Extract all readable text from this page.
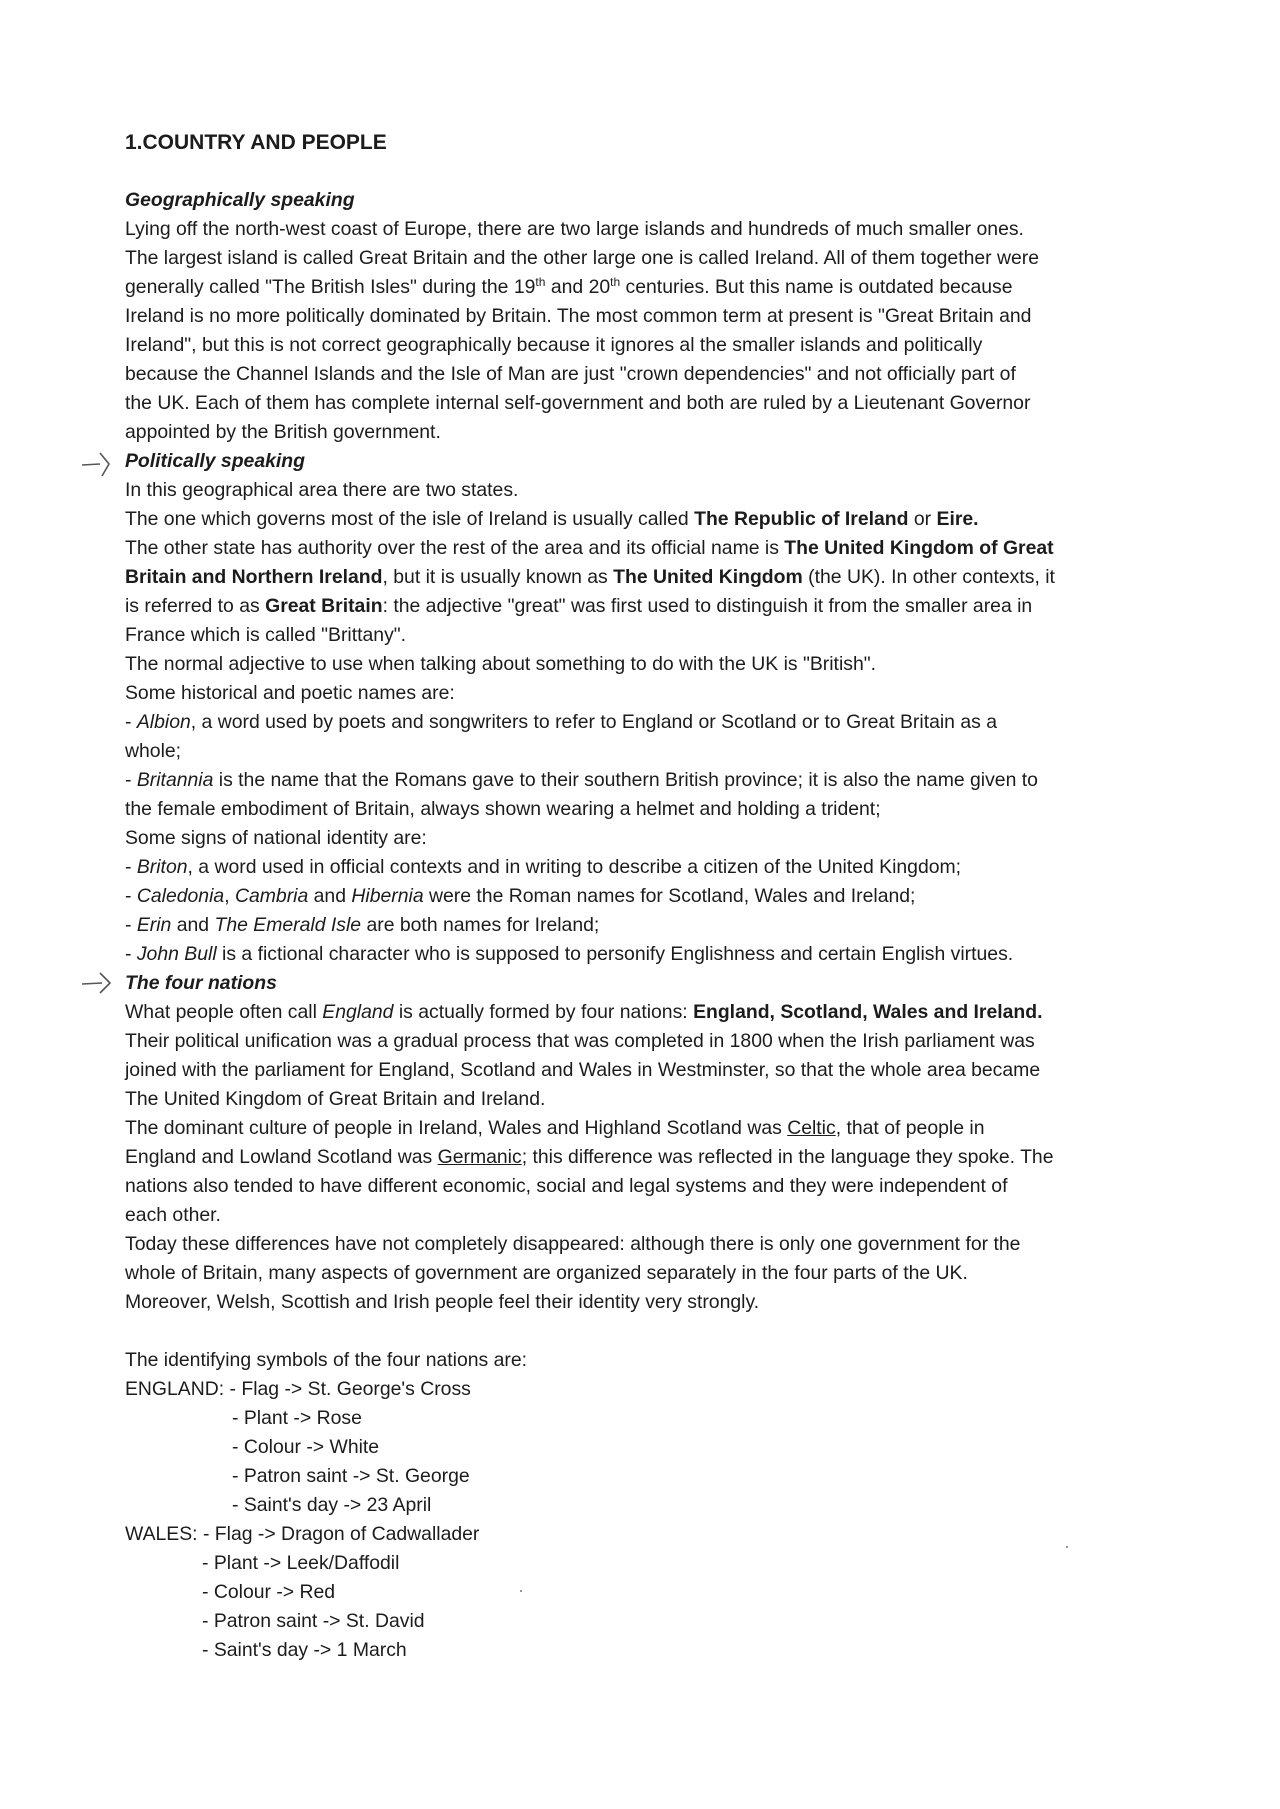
1.COUNTRY AND PEOPLE
Geographically speaking
Lying off the north-west coast of Europe, there are two large islands and hundreds of much smaller ones.
The largest island is called Great Britain and the other large one is called Ireland. All of them together were
generally called "The British Isles" during the 19th and 20th centuries. But this name is outdated because
Ireland is no more politically dominated by Britain. The most common term at present is "Great Britain and
Ireland", but this is not correct geographically because it ignores al the smaller islands and politically
because the Channel Islands and the Isle of Man are just "crown dependencies" and not officially part of
the UK. Each of them has complete internal self-government and both are ruled by a Lieutenant Governor
appointed by the British government.
Politically speaking
In this geographical area there are two states.
The one which governs most of the isle of Ireland is usually called The Republic of Ireland or Eire.
The other state has authority over the rest of the area and its official name is The United Kingdom of Great
Britain and Northern Ireland, but it is usually known as The United Kingdom (the UK). In other contexts, it
is referred to as Great Britain: the adjective "great" was first used to distinguish it from the smaller area in
France which is called "Brittany".
The normal adjective to use when talking about something to do with the UK is "British".
Some historical and poetic names are:
- Albion, a word used by poets and songwriters to refer to England or Scotland or to Great Britain as a
whole;
- Britannia is the name that the Romans gave to their southern British province; it is also the name given to
the female embodiment of Britain, always shown wearing a helmet and holding a trident;
Some signs of national identity are:
- Briton, a word used in official contexts and in writing to describe a citizen of the United Kingdom;
- Caledonia, Cambria and Hibernia were the Roman names for Scotland, Wales and Ireland;
- Erin and The Emerald Isle are both names for Ireland;
- John Bull is a fictional character who is supposed to personify Englishness and certain English virtues.
The four nations
What people often call England is actually formed by four nations: England, Scotland, Wales and Ireland.
Their political unification was a gradual process that was completed in 1800 when the Irish parliament was
joined with the parliament for England, Scotland and Wales in Westminster, so that the whole area became
The United Kingdom of Great Britain and Ireland.
The dominant culture of people in Ireland, Wales and Highland Scotland was Celtic, that of people in
England and Lowland Scotland was Germanic; this difference was reflected in the language they spoke. The
nations also tended to have different economic, social and legal systems and they were independent of
each other.
Today these differences have not completely disappeared: although there is only one government for the
whole of Britain, many aspects of government are organized separately in the four parts of the UK.
Moreover, Welsh, Scottish and Irish people feel their identity very strongly.
The identifying symbols of the four nations are:
ENGLAND: - Flag -> St. George's Cross
- Plant -> Rose
- Colour -> White
- Patron saint -> St. George
- Saint's day -> 23 April
WALES: - Flag -> Dragon of Cadwallader
- Plant -> Leek/Daffodil
- Colour -> Red
- Patron saint -> St. David
- Saint's day -> 1 March
